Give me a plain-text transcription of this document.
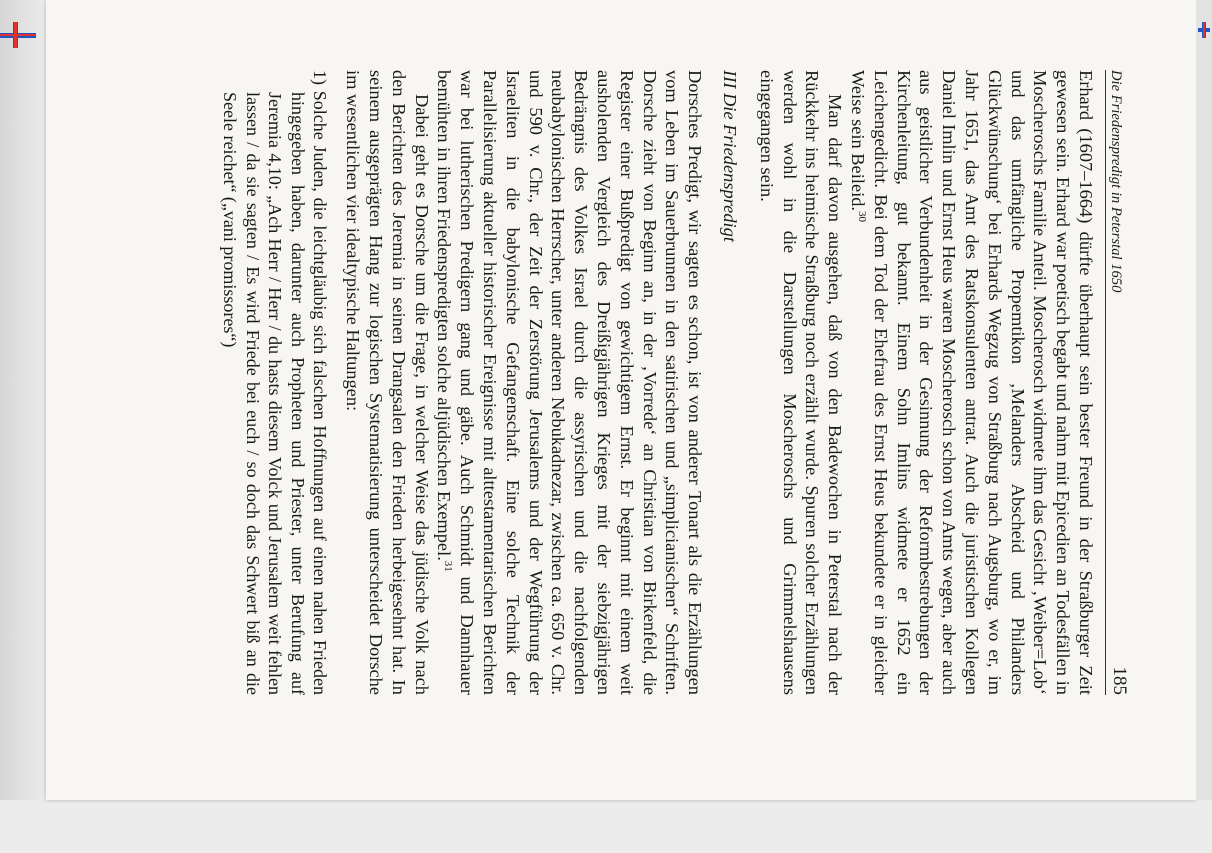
Die Friedenspredigt in Peterstal 1650
185

Erhard (1607–1664) dürfte überhaupt sein bester Freund in der Straßburger Zeit gewesen sein. Erhard war poetisch begabt und nahm mit Epicedien an Todesfällen in Moscheroschs Familie Anteil. Moscherosch widmete ihm das Gesicht ‚Weiber=Lob‘ und das umfängliche Propemtikon ‚Melanders Abscheid und Philanders Glückwünschung‘ bei Erhards Wegzug von Straßburg nach Augsburg, wo er, im Jahr 1651, das Amt des Ratskonsulenten antrat. Auch die juristischen Kollegen Daniel Imlin und Ernst Heus waren Moscherosch schon von Amts wegen, aber auch aus geistlicher Verbundenheit in der Gesinnung der Reformbestrebungen der Kirchenleitung, gut bekannt. Einem Sohn Imlins widmete er 1652 ein Leichengedicht. Bei dem Tod der Ehefrau des Ernst Heus bekundete er in gleicher Weise sein Beileid.$^{30}$

Man darf davon ausgehen, daß von den Badewochen in Peterstal nach der Rückkehr ins heimische Straßburg noch erzählt wurde. Spuren solcher Erzählungen werden wohl in die Darstellungen Moscheroschs und Grimmelshausens eingegangen sein.

III Die Friedenspredigt

Dorsches Predigt, wir sagten es schon, ist von anderer Tonart als die Erzählungen vom Leben im Sauerbrunnen in den satirischen und „simplicianischen“ Schriften. Dorsche zieht von Beginn an, in der ‚Vorrede‘ an Christian von Birkenfeld, die Register einer Bußpredigt von gewichtigem Ernst. Er beginnt mit einem weit ausholenden Vergleich des Dreißigjährigen Krieges mit der siebzigjährigen Bedrängnis des Volkes Israel durch die assyrischen und die nachfolgenden neubabylonischen Herrscher, unter anderen Nebukadnezar, zwischen ca. 650 v. Chr. und 590 v. Chr., der Zeit der Zerstörung Jerusalems und der Wegführung der Israeliten in die babylonische Gefangenschaft. Eine solche Technik der Parallelisierung aktueller historischer Ereignisse mit alttestamentarischen Berichten war bei lutherischen Predigern gang und gäbe. Auch Schmidt und Dannhauer bemühten in ihren Friedenspredigten solche altjüdischen Exempel.$^{31}$

Dabei geht es Dorsche um die Frage, in welcher Weise das jüdische Volk nach den Berichten des Jeremia in seinen Drangsalen den Frieden herbeigesehnt hat. In seinem ausgeprägten Hang zur logischen Systematisierung unterscheidet Dorsche im wesentlichen vier idealtypische Haltungen:

1) Solche Juden, die leichtgläubig sich falschen Hoffnungen auf einen nahen Frieden hingegeben haben, darunter auch Propheten und Priester, unter Berufung auf Jeremia 4,10: „Ach Herr / Herr / du hasts diesem Volck und Jerusalem weit fehlen lassen / da sie sagten / Es wird Friede bei euch / so doch das Schwert biß an die Seele reichet“ („vani promissores“)
